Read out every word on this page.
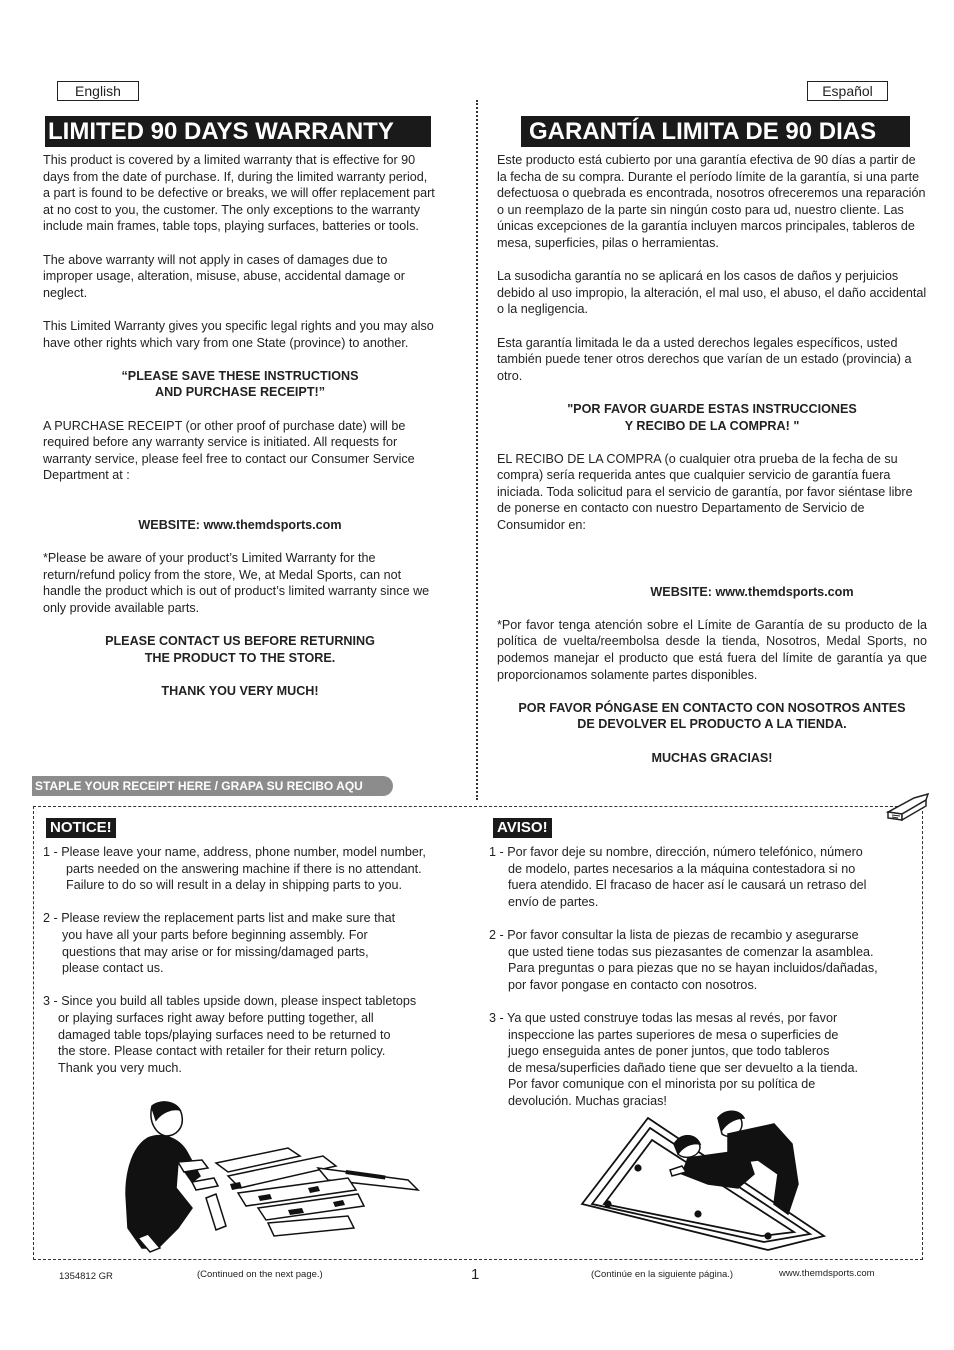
English	Español
LIMITED 90 DAYS WARRANTY	GARANTÍA LIMITA DE 90 DIAS

This product is covered by a limited warranty that is effective for 90 days from the date of purchase. If, during the limited warranty period, a part is found to be defective or breaks, we will offer replacement part at no cost to you, the customer. The only exceptions to the warranty include main frames, table tops, playing surfaces, batteries or tools.

The above warranty will not apply in cases of damages due to improper usage, alteration, misuse, abuse, accidental damage or neglect.

This Limited Warranty gives you specific legal rights and you may also have other rights which vary from one State (province) to another.

“PLEASE SAVE THESE INSTRUCTIONS
AND PURCHASE RECEIPT!”

A PURCHASE RECEIPT (or other proof of purchase date) will be required before any warranty service is initiated. All requests for warranty service, please feel free to contact our Consumer Service Department at :

WEBSITE: www.themdsports.com

*Please be aware of your product’s Limited Warranty for the return/refund policy from the store, We, at Medal Sports, can not handle the product which is out of product’s limited warranty since we only provide available parts.

PLEASE CONTACT US BEFORE RETURNING
THE PRODUCT TO THE STORE.

THANK YOU VERY MUCH!

Este producto está cubierto por una garantía efectiva de 90 días a partir de la fecha de su compra. Durante el período límite de la garantía, si una parte defectuosa o quebrada es encontrada, nosotros ofreceremos una reparación o un reemplazo de la parte sin ningún costo para ud, nuestro cliente. Las únicas excepciones de la garantía incluyen marcos principales, tableros de mesa, superficies, pilas o herramientas.

La susodicha garantía no se aplicará en los casos de daños y perjuicios debido al uso impropio, la alteración, el mal uso, el abuso, el daño accidental o la negligencia.

Esta garantía limitada le da a usted derechos legales específicos, usted también puede tener otros derechos que varían de un estado (provincia) a otro.

"POR FAVOR GUARDE ESTAS INSTRUCCIONES
Y RECIBO DE LA COMPRA! "

EL RECIBO DE LA COMPRA (o cualquier otra prueba de la fecha de su compra) sería requerida antes que cualquier servicio de garantía fuera iniciada. Toda solicitud para el servicio de garantía, por favor siéntase libre de ponerse en contacto con nuestro Departamento de Servicio de Consumidor en:

WEBSITE: www.themdsports.com

*Por favor tenga atención sobre el Límite de Garantía de su producto de la política de vuelta/reembolsa desde la tienda, Nosotros, Medal Sports, no podemos manejar el producto que está fuera del límite de garantía ya que proporcionamos solamente partes disponibles.

POR FAVOR PÓNGASE EN CONTACTO CON NOSOTROS ANTES
DE DEVOLVER EL PRODUCTO A LA TIENDA.

MUCHAS GRACIAS!

STAPLE YOUR RECEIPT HERE / GRAPA SU RECIBO AQU
NOTICE!
1 - Please leave your name, address, phone number, model number,
parts needed on the answering machine if there is no attendant.
Failure to do so will result in a delay in shipping parts to you.
2 - Please review the replacement parts list and make sure that
you have all your parts before beginning assembly. For
questions that may arise or for missing/damaged parts,
please contact us.
3 - Since you build all tables upside down, please inspect tabletops
or playing surfaces right away before putting together, all
damaged table tops/playing surfaces need to be returned to
the store. Please contact with retailer for their return policy.
Thank you very much.
AVISO!
1 - Por favor deje su nombre, dirección, número telefónico, número
de modelo, partes necesarios a la máquina contestadora si no
fuera atendido. El fracaso de hacer así le causará un retraso del
envío de partes.
2 - Por favor consultar la lista de piezas de recambio y asegurarse
que usted tiene todas sus piezasantes de comenzar la asamblea.
Para preguntas o para piezas que no se hayan incluidos/dañadas,
por favor pongase en contacto con nosotros.
3 - Ya que usted construye todas las mesas al revés, por favor
inspeccione las partes superiores de mesa o superficies de
juego enseguida antes de poner juntos, que todo tableros
de mesa/superficies dañado tiene que ser devuelto a la tienda.
Por favor comunique con el minorista por su política de
devolución. Muchas gracias!
1354812 GR	(Continued on the next page.)	1	(Continúe en la siguiente página.)	www.themdsports.com
